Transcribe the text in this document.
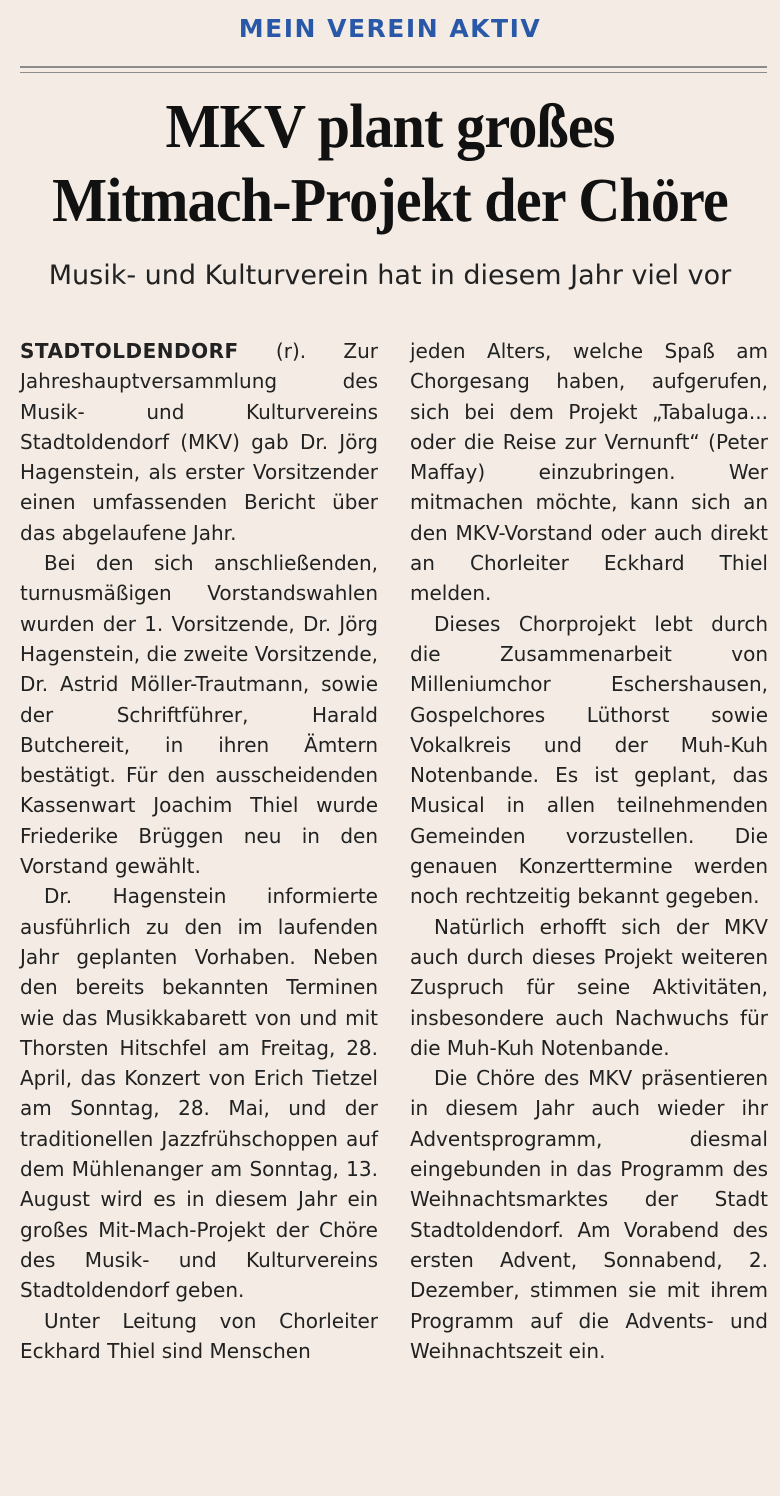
MEIN VEREIN AKTIV
MKV plant großes
Mitmach-Projekt der Chöre
Musik- und Kulturverein hat in diesem Jahr viel vor

STADTOLDENDORF (r). Zur Jahreshauptversammlung des Musik- und Kulturvereins Stadtoldendorf (MKV) gab Dr. Jörg Hagenstein, als erster Vorsitzender einen umfassenden Bericht über das abgelaufene Jahr.

Bei den sich anschließenden, turnusmäßigen Vorstandswahlen wurden der 1. Vorsitzende, Dr. Jörg Hagenstein, die zweite Vorsitzende, Dr. Astrid Möller-Trautmann, sowie der Schriftführer, Harald Butchereit, in ihren Ämtern bestätigt. Für den ausscheidenden Kassenwart Joachim Thiel wurde Friederike Brüggen neu in den Vorstand gewählt.

Dr. Hagenstein informierte ausführlich zu den im laufenden Jahr geplanten Vorhaben. Neben den bereits bekannten Terminen wie das Musikkabarett von und mit Thorsten Hitschfel am Freitag, 28. April, das Konzert von Erich Tietzel am Sonntag, 28. Mai, und der traditionellen Jazzfrühschoppen auf dem Mühlenanger am Sonntag, 13. August wird es in diesem Jahr ein großes Mit-Mach-Projekt der Chöre des Musik- und Kulturvereins Stadtoldendorf geben.

Unter Leitung von Chorleiter Eckhard Thiel sind Menschen

jeden Alters, welche Spaß am Chorgesang haben, aufgerufen, sich bei dem Projekt „Tabaluga... oder die Reise zur Vernunft“ (Peter Maffay) einzubringen. Wer mitmachen möchte, kann sich an den MKV-Vorstand oder auch direkt an Chorleiter Eckhard Thiel melden.

Dieses Chorprojekt lebt durch die Zusammenarbeit von Milleniumchor Eschershausen, Gospelchores Lüthorst sowie Vokalkreis und der Muh-Kuh Notenbande. Es ist geplant, das Musical in allen teilnehmenden Gemeinden vorzustellen. Die genauen Konzerttermine werden noch rechtzeitig bekannt gegeben.

Natürlich erhofft sich der MKV auch durch dieses Projekt weiteren Zuspruch für seine Aktivitäten, insbesondere auch Nachwuchs für die Muh-Kuh Notenbande.

Die Chöre des MKV präsentieren in diesem Jahr auch wieder ihr Adventsprogramm, diesmal eingebunden in das Programm des Weihnachtsmarktes der Stadt Stadtoldendorf. Am Vorabend des ersten Advent, Sonnabend, 2. Dezember, stimmen sie mit ihrem Programm auf die Advents- und Weihnachtszeit ein.
